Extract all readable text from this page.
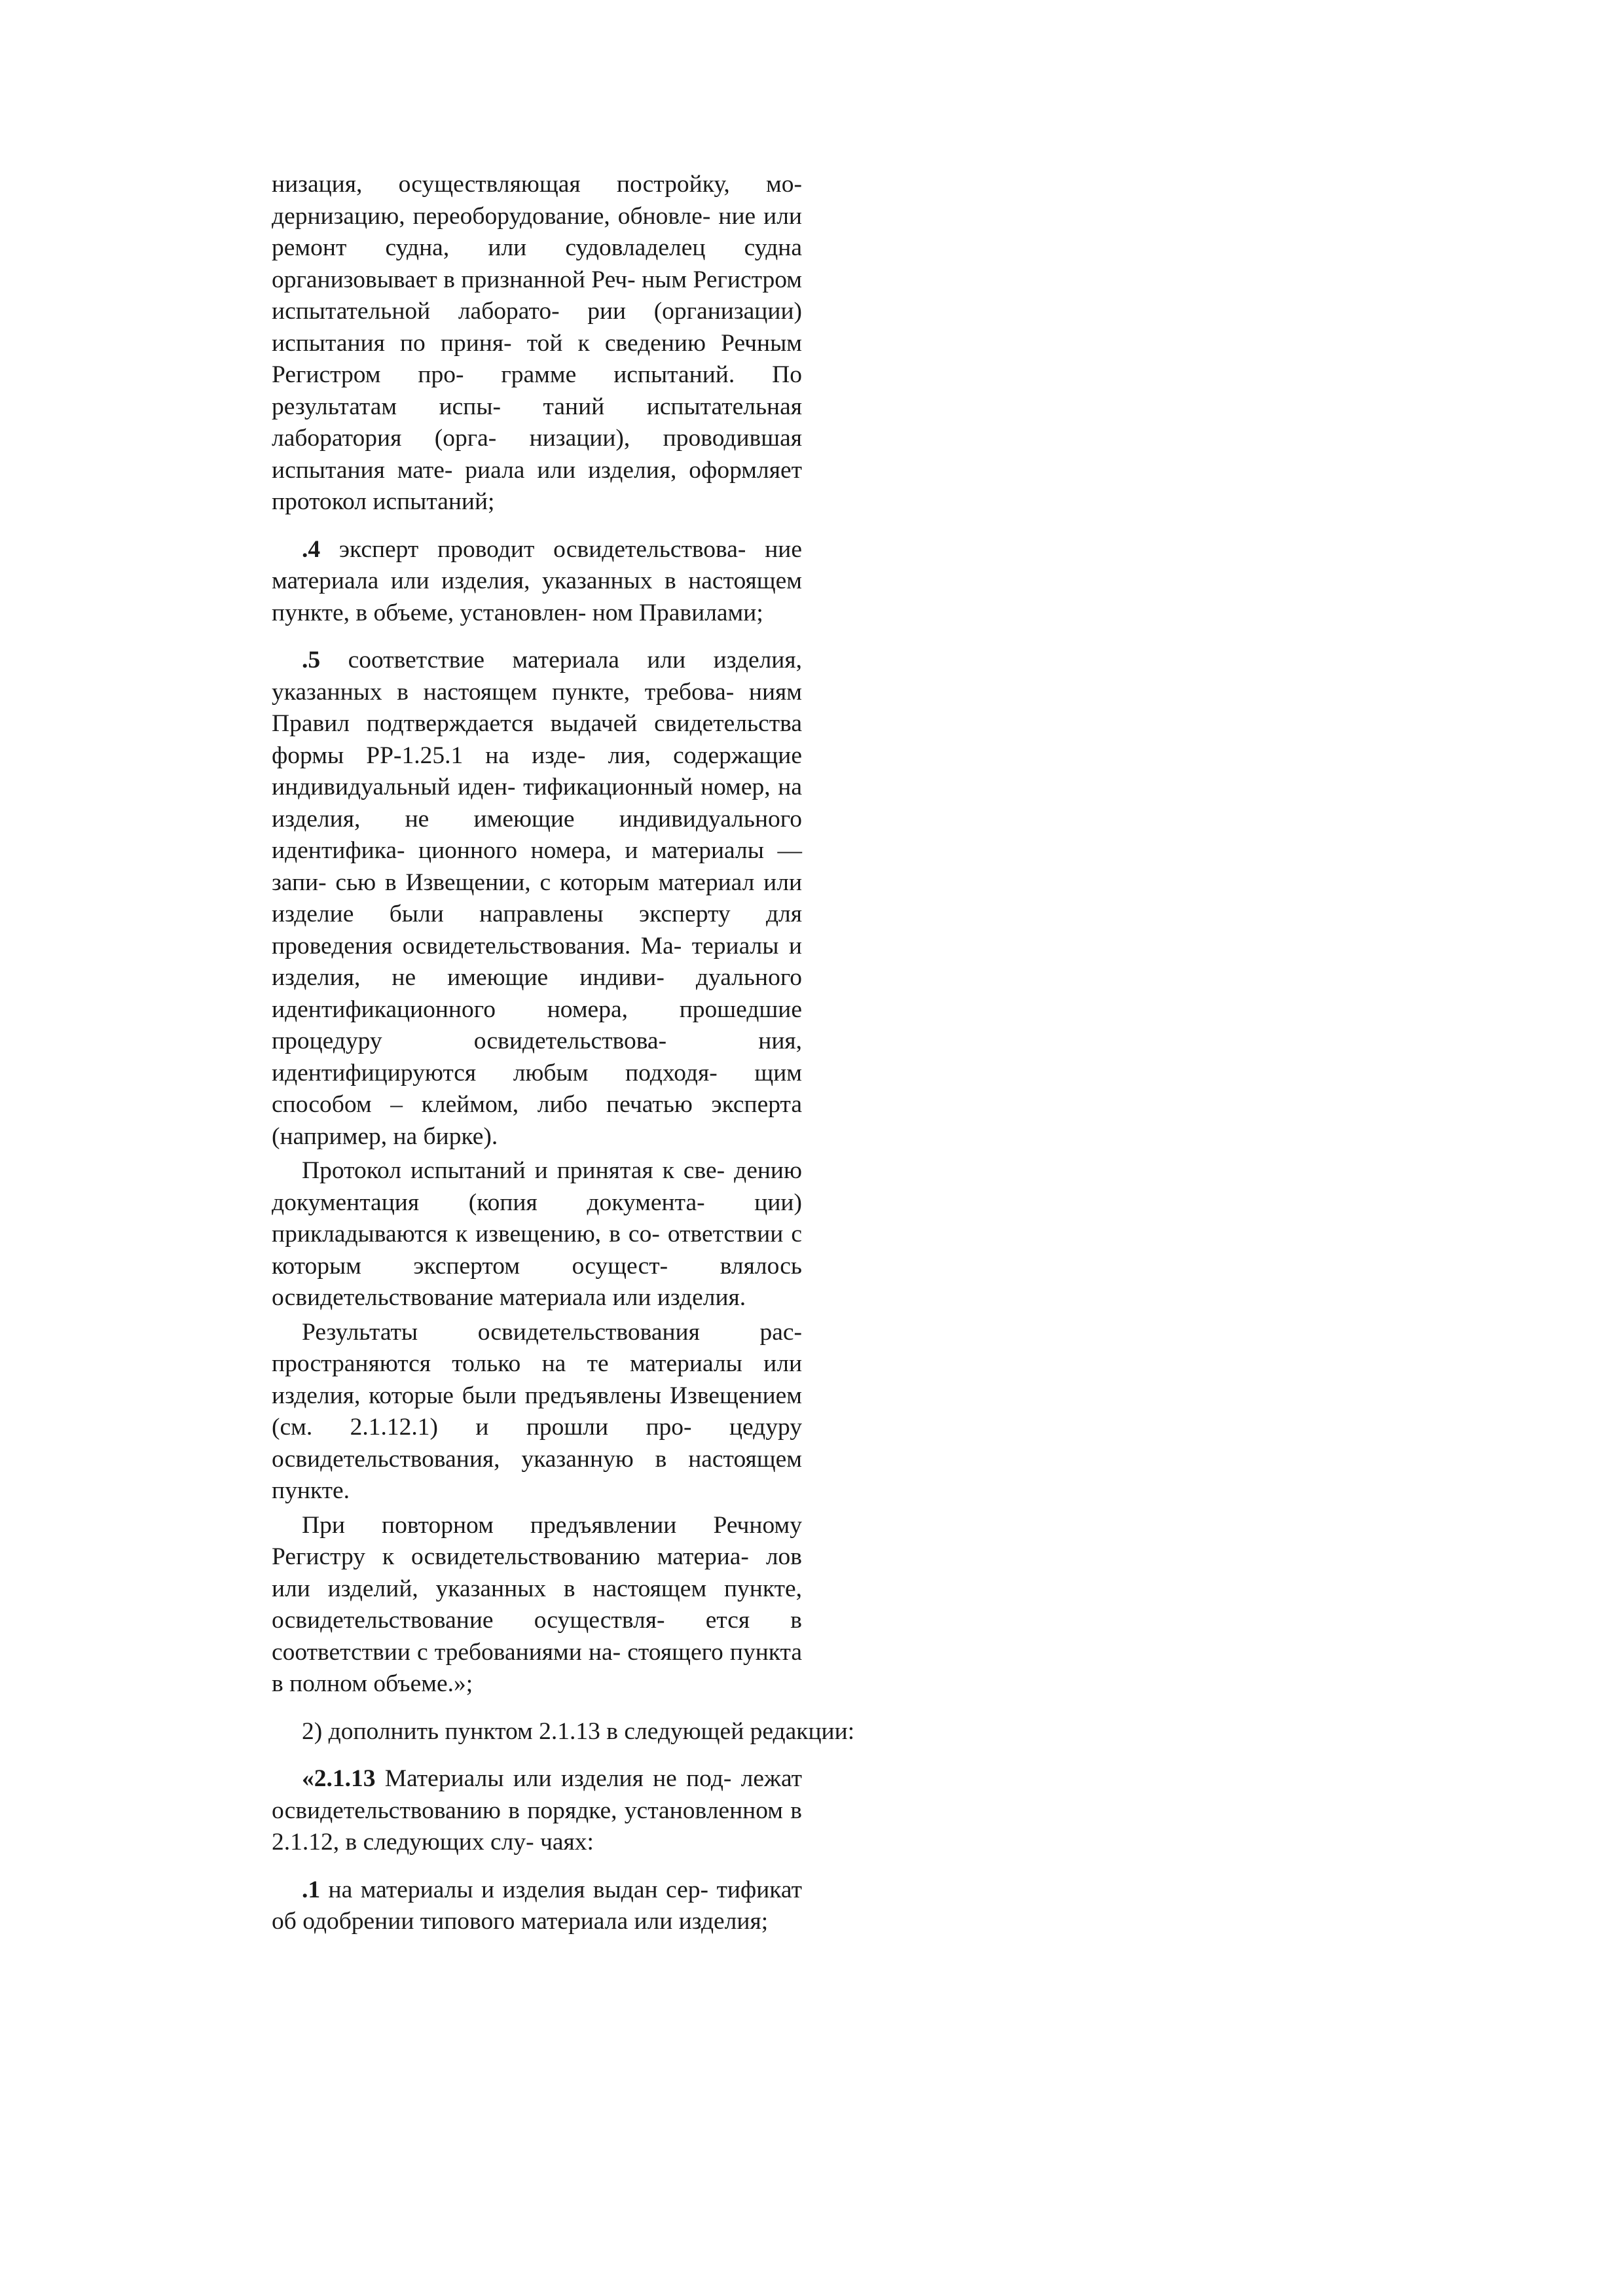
низация, осуществляющая постройку, мо- дернизацию, переоборудование, обновле- ние или ремонт судна, или судовладелец судна организовывает в признанной Реч- ным Регистром испытательной лаборато- рии (организации) испытания по приня- той к сведению Речным Регистром про- грамме испытаний. По результатам испы- таний испытательная лаборатория (орга- низации), проводившая испытания мате- риала или изделия, оформляет протокол испытаний;

.4 эксперт проводит освидетельствова- ние материала или изделия, указанных в настоящем пункте, в объеме, установлен- ном Правилами;

.5 соответствие материала или изделия, указанных в настоящем пункте, требова- ниям Правил подтверждается выдачей свидетельства формы РР-1.25.1 на изде- лия, содержащие индивидуальный иден- тификационный номер, на изделия, не имеющие индивидуального идентифика- ционного номера, и материалы — запи- сью в Извещении, с которым материал или изделие были направлены эксперту для проведения освидетельствования. Ма- териалы и изделия, не имеющие индиви- дуального идентификационного номера, прошедшие процедуру освидетельствова-	ния, идентифицируются любым подходя- щим способом – клеймом, либо печатью эксперта (например, на бирке).

Протокол испытаний и принятая к све- дению документация (копия документа- ции) прикладываются к извещению, в со- ответствии с которым экспертом осущест- влялось освидетельствование материала или изделия.

Результаты освидетельствования рас- пространяются только на те материалы или изделия, которые были предъявлены Извещением (см. 2.1.12.1) и прошли про- цедуру освидетельствования, указанную в настоящем пункте.

При повторном предъявлении Речному Регистру к освидетельствованию материа- лов или изделий, указанных в настоящем пункте, освидетельствование осуществля- ется в соответствии с требованиями на- стоящего пункта в полном объеме.»;

2) дополнить пунктом 2.1.13 в следующей редакции:

«2.1.13 Материалы или изделия не под- лежат освидетельствованию в порядке, установленном в 2.1.12, в следующих слу- чаях:

.1 на материалы и изделия выдан сер- тификат об одобрении типового материала или изделия;
